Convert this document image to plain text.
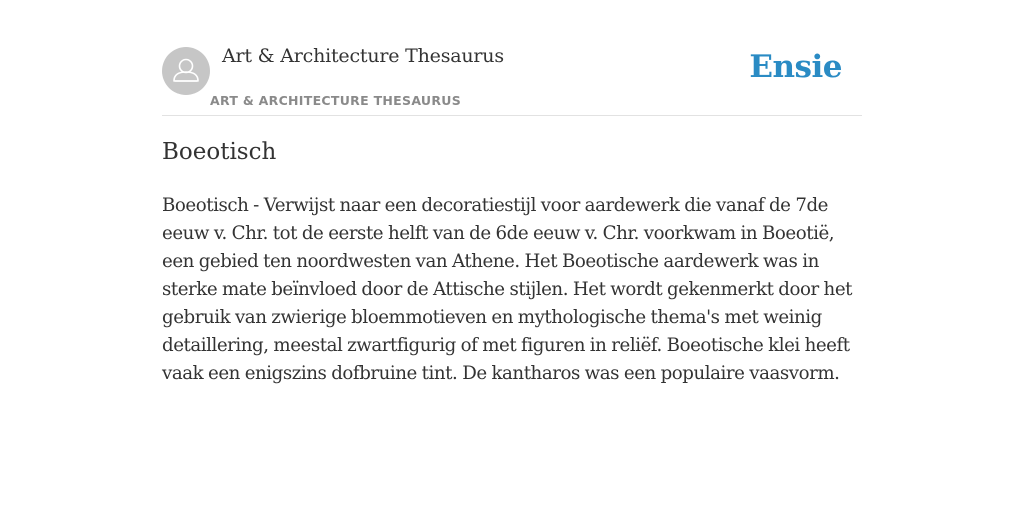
Art & Architecture Thesaurus
ART & ARCHITECTURE THESAURUS
Ensie
Boeotisch

Boeotisch - Verwijst naar een decoratiestijl voor aardewerk die vanaf de 7de eeuw v. Chr. tot de eerste helft van de 6de eeuw v. Chr. voorkwam in Boeotië, een gebied ten noordwesten van Athene. Het Boeotische aardewerk was in sterke mate beïnvloed door de Attische stijlen. Het wordt gekenmerkt door het gebruik van zwierige bloemmotieven en mythologische thema's met weinig detaillering, meestal zwartfigurig of met figuren in reliëf. Boeotische klei heeft vaak een enigszins dofbruine tint. De kantharos was een populaire vaasvorm.
